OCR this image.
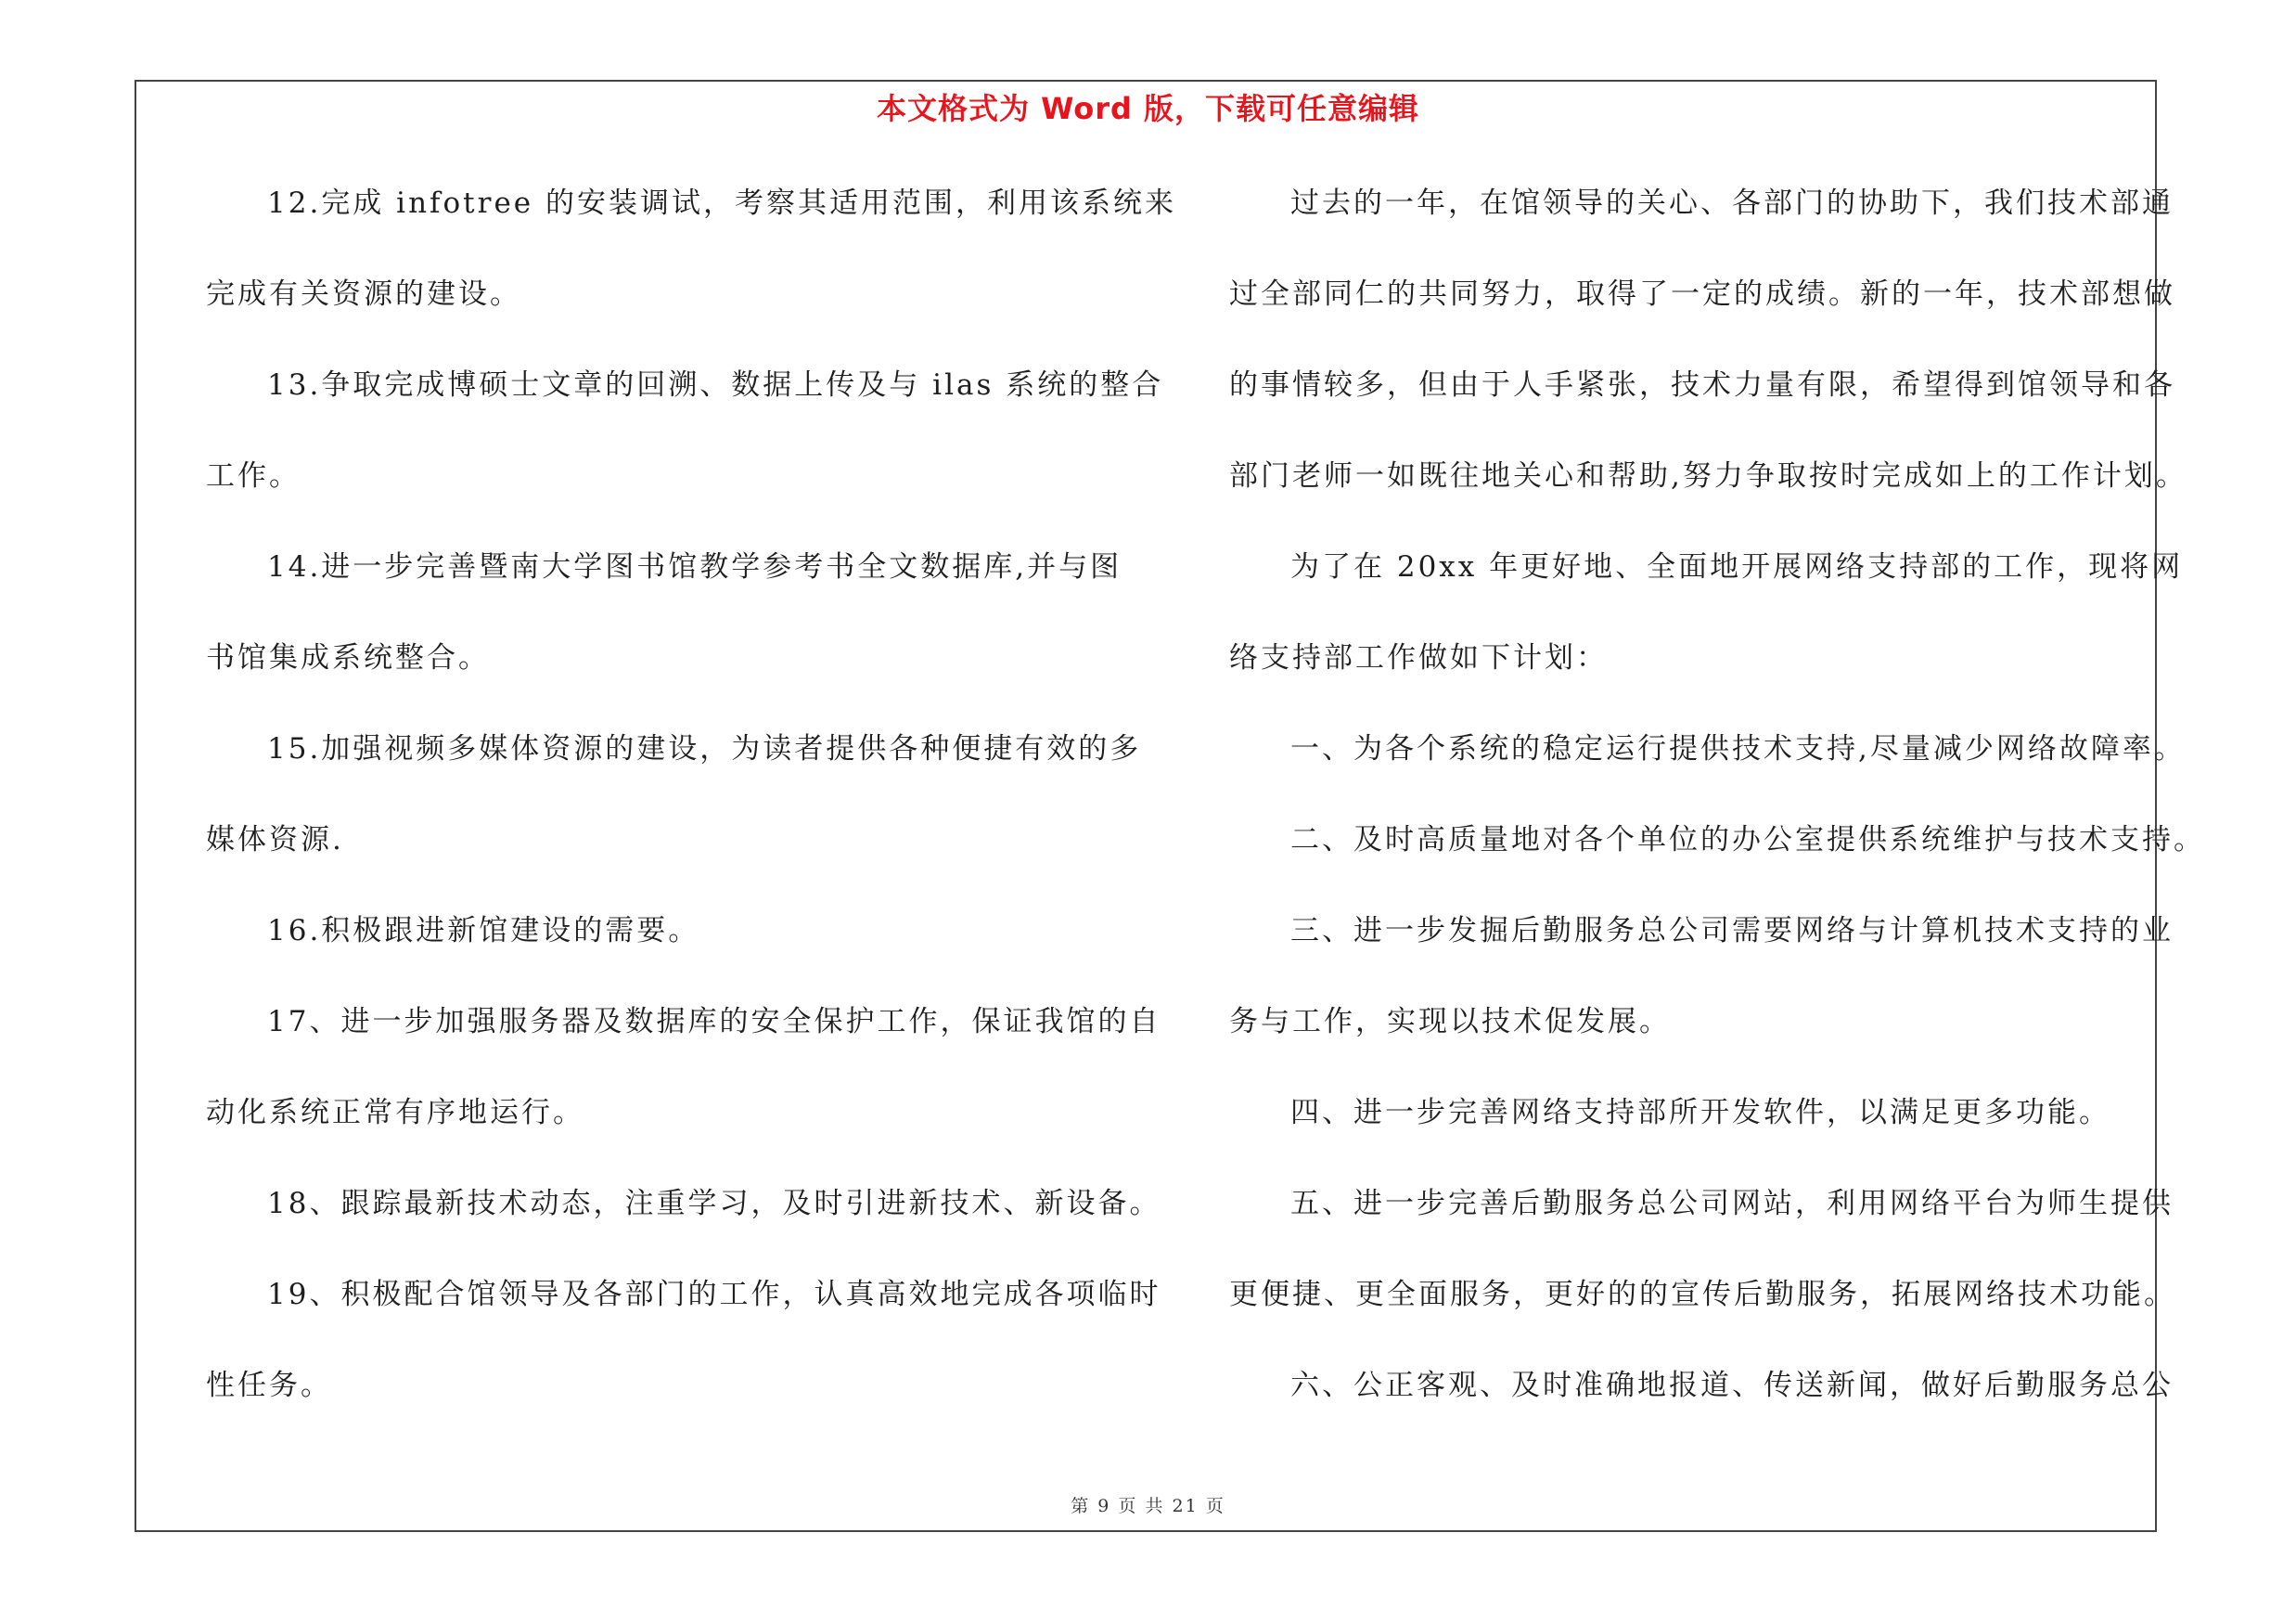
本文格式为 Word 版，下载可任意编辑
12.完成 infotree 的安装调试，考察其适用范围，利用该系统来
完成有关资源的建设。
13.争取完成博硕士文章的回溯、数据上传及与 ilas 系统的整合
工作。
14.进一步完善暨南大学图书馆教学参考书全文数据库,并与图
书馆集成系统整合。
15.加强视频多媒体资源的建设，为读者提供各种便捷有效的多
媒体资源.
16.积极跟进新馆建设的需要。
17、进一步加强服务器及数据库的安全保护工作，保证我馆的自
动化系统正常有序地运行。
18、跟踪最新技术动态，注重学习，及时引进新技术、新设备。
19、积极配合馆领导及各部门的工作，认真高效地完成各项临时
性任务。
过去的一年，在馆领导的关心、各部门的协助下，我们技术部通
过全部同仁的共同努力，取得了一定的成绩。新的一年，技术部想做
的事情较多，但由于人手紧张，技术力量有限，希望得到馆领导和各
部门老师一如既往地关心和帮助,努力争取按时完成如上的工作计划。
为了在 20xx 年更好地、全面地开展网络支持部的工作，现将网
络支持部工作做如下计划：
一、为各个系统的稳定运行提供技术支持,尽量减少网络故障率。
二、及时高质量地对各个单位的办公室提供系统维护与技术支持。
三、进一步发掘后勤服务总公司需要网络与计算机技术支持的业
务与工作，实现以技术促发展。
四、进一步完善网络支持部所开发软件，以满足更多功能。
五、进一步完善后勤服务总公司网站，利用网络平台为师生提供
更便捷、更全面服务，更好的的宣传后勤服务，拓展网络技术功能。
六、公正客观、及时准确地报道、传送新闻，做好后勤服务总公
第 9 页 共 21 页
